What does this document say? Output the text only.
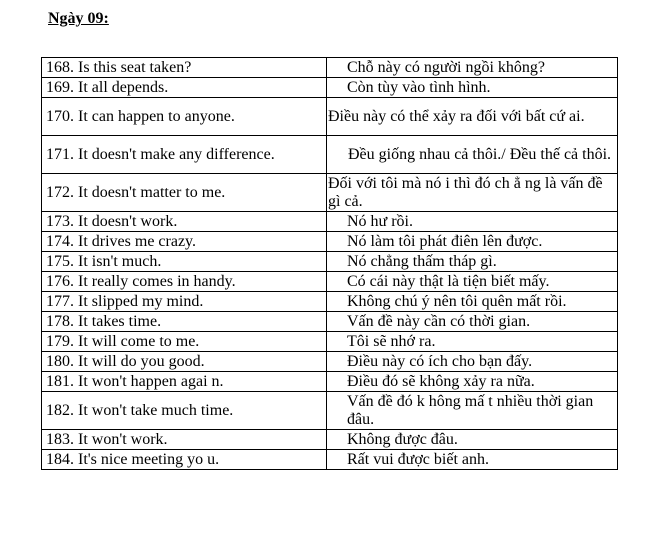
Ngày 09:
168. Is this seat taken?	Chỗ này có người ngồi không?
169. It all depends.	Còn tùy vào tình hình.
170. It can happen to anyone.	Điều này có thể xảy ra đối với bất cứ ai.
171. It doesn't make any difference.	Đều giống nhau cả thôi./ Đều thế cả thôi.
172. It doesn't matter to me.	Đối với tôi mà nó i thì đó ch ẳ ng là vấn đề gì cả.
173. It doesn't work.	Nó hư rồi.
174. It drives me crazy.	Nó làm tôi phát điên lên được.
175. It isn't much.	Nó chẳng thấm tháp gì.
176. It really comes in handy.	Có cái này thật là tiện biết mấy.
177. It slipped my mind.	Không chú ý nên tôi quên mất rồi.
178. It takes time.	Vấn đề này cần có thời gian.
179. It will come to me.	Tôi sẽ nhớ ra.
180. It will do you good.	Điều này có ích cho bạn đấy.
181. It won't happen agai n.	Điều đó sẽ không xảy ra nữa.
182. It won't take much time.	Vấn đề đó k hông mấ t nhiều thời gian đâu.
183. It won't work.	Không được đâu.
184. It's nice meeting yo u.	Rất vui được biết anh.
